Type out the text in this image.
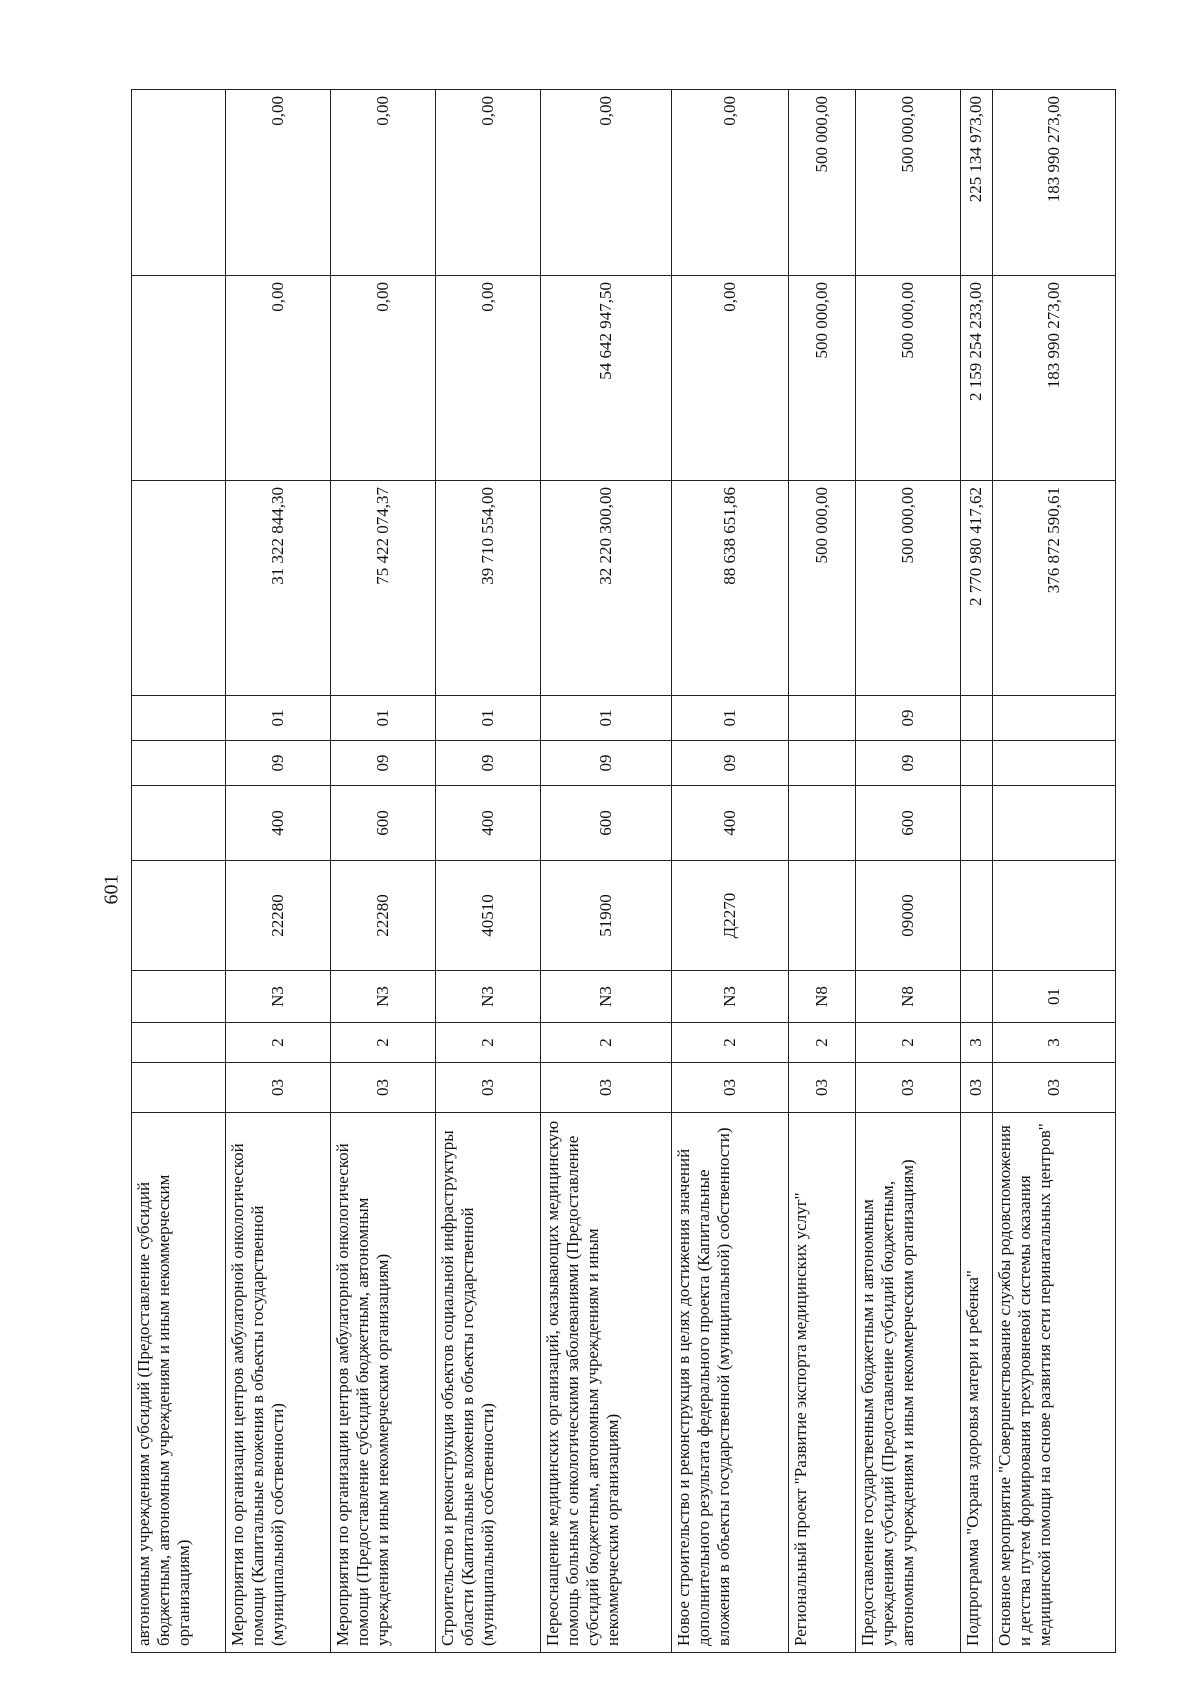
601
автономным учреждениям субсидий (Предоставление субсидий бюджетным, автономным учреждениям и иным некоммерческим организациям)										
Мероприятия по организации центров амбулаторной онкологической помощи (Капитальные вложения в объекты государственной (муниципальной) собственности)	03	2	N3	22280	400	09	01	31 322 844,30	0,00	0,00
Мероприятия по организации центров амбулаторной онкологической помощи (Предоставление субсидий бюджетным, автономным учреждениям и иным некоммерческим организациям)	03	2	N3	22280	600	09	01	75 422 074,37	0,00	0,00
Строительство и реконструкция объектов социальной инфраструктуры области (Капитальные вложения в объекты государственной (муниципальной) собственности)	03	2	N3	40510	400	09	01	39 710 554,00	0,00	0,00
Переоснащение медицинских организаций, оказывающих медицинскую помощь больным с онкологическими заболеваниями (Предоставление субсидий бюджетным, автономным учреждениям и иным некоммерческим организациям)	03	2	N3	51900	600	09	01	32 220 300,00	54 642 947,50	0,00
Новое строительство и реконструкция в целях достижения значений дополнительного результата федерального проекта (Капитальные вложения в объекты государственной (муниципальной) собственности)	03	2	N3	Д2270	400	09	01	88 638 651,86	0,00	0,00
Региональный проект "Развитие экспорта медицинских услуг"	03	2	N8					500 000,00	500 000,00	500 000,00
Предоставление государственным бюджетным и автономным учреждениям субсидий (Предоставление субсидий бюджетным, автономным учреждениям и иным некоммерческим организациям)	03	2	N8	09000	600	09	09	500 000,00	500 000,00	500 000,00
Подпрограмма "Охрана здоровья матери и ребенка"	03	3						2 770 980 417,62	2 159 254 233,00	225 134 973,00
Основное мероприятие "Совершенствование службы родовспоможения и детства путем формирования трехуровневой системы оказания медицинской помощи на основе развития сети перинатальных центров"	03	3	01					376 872 590,61	183 990 273,00	183 990 273,00
